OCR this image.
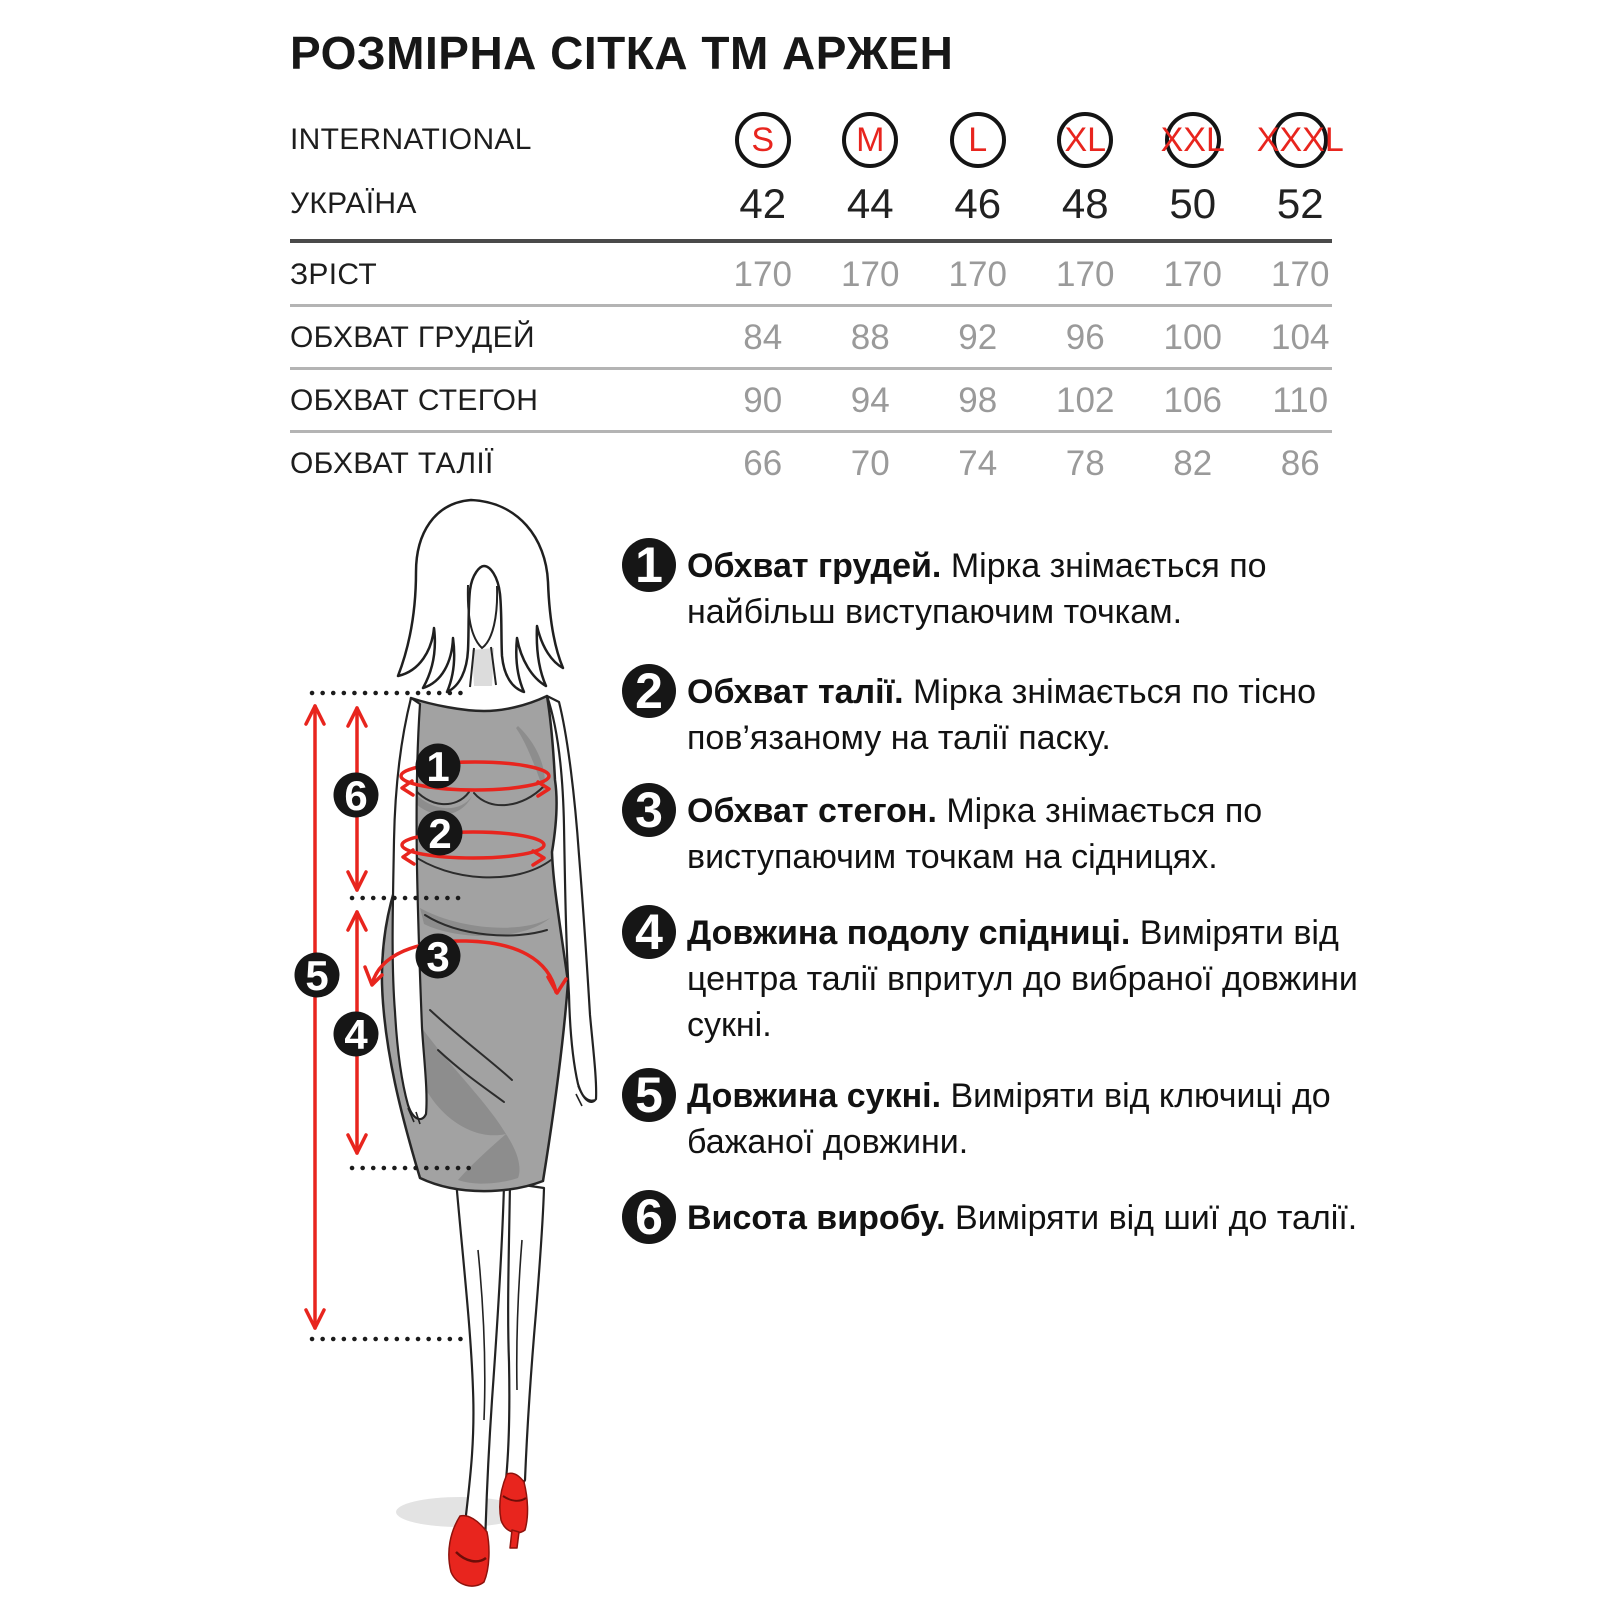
РОЗМІРНА СІТКА ТМ АРЖЕН
INTERNATIONAL	S M L XL XXL XXXL
УКРАЇНА	42	44	46	48	50	52
ЗРІСТ	170	170	170	170	170	170
ОБХВАТ ГРУДЕЙ	84	88	92	96	100	104
ОБХВАТ СТЕГОН	90	94	98	102	106	110
ОБХВАТ ТАЛІЇ	66	70	74	78	82	86
1
2
3
4
5
6
1 Обхват грудей. Мірка знімається по найбільш виступаючим точкам.

2 Обхват талії. Мірка знімається по тісно пов’язаному на талії паску.

3 Обхват стегон. Мірка знімається по виступаючим точкам на сідницях.

4 Довжина подолу спідниці. Виміряти від центра талії впритул до вибраної довжини сукні.

5 Довжина сукні. Виміряти від ключиці до бажаної довжини.

6 Висота виробу. Виміряти від шиї до талії.
